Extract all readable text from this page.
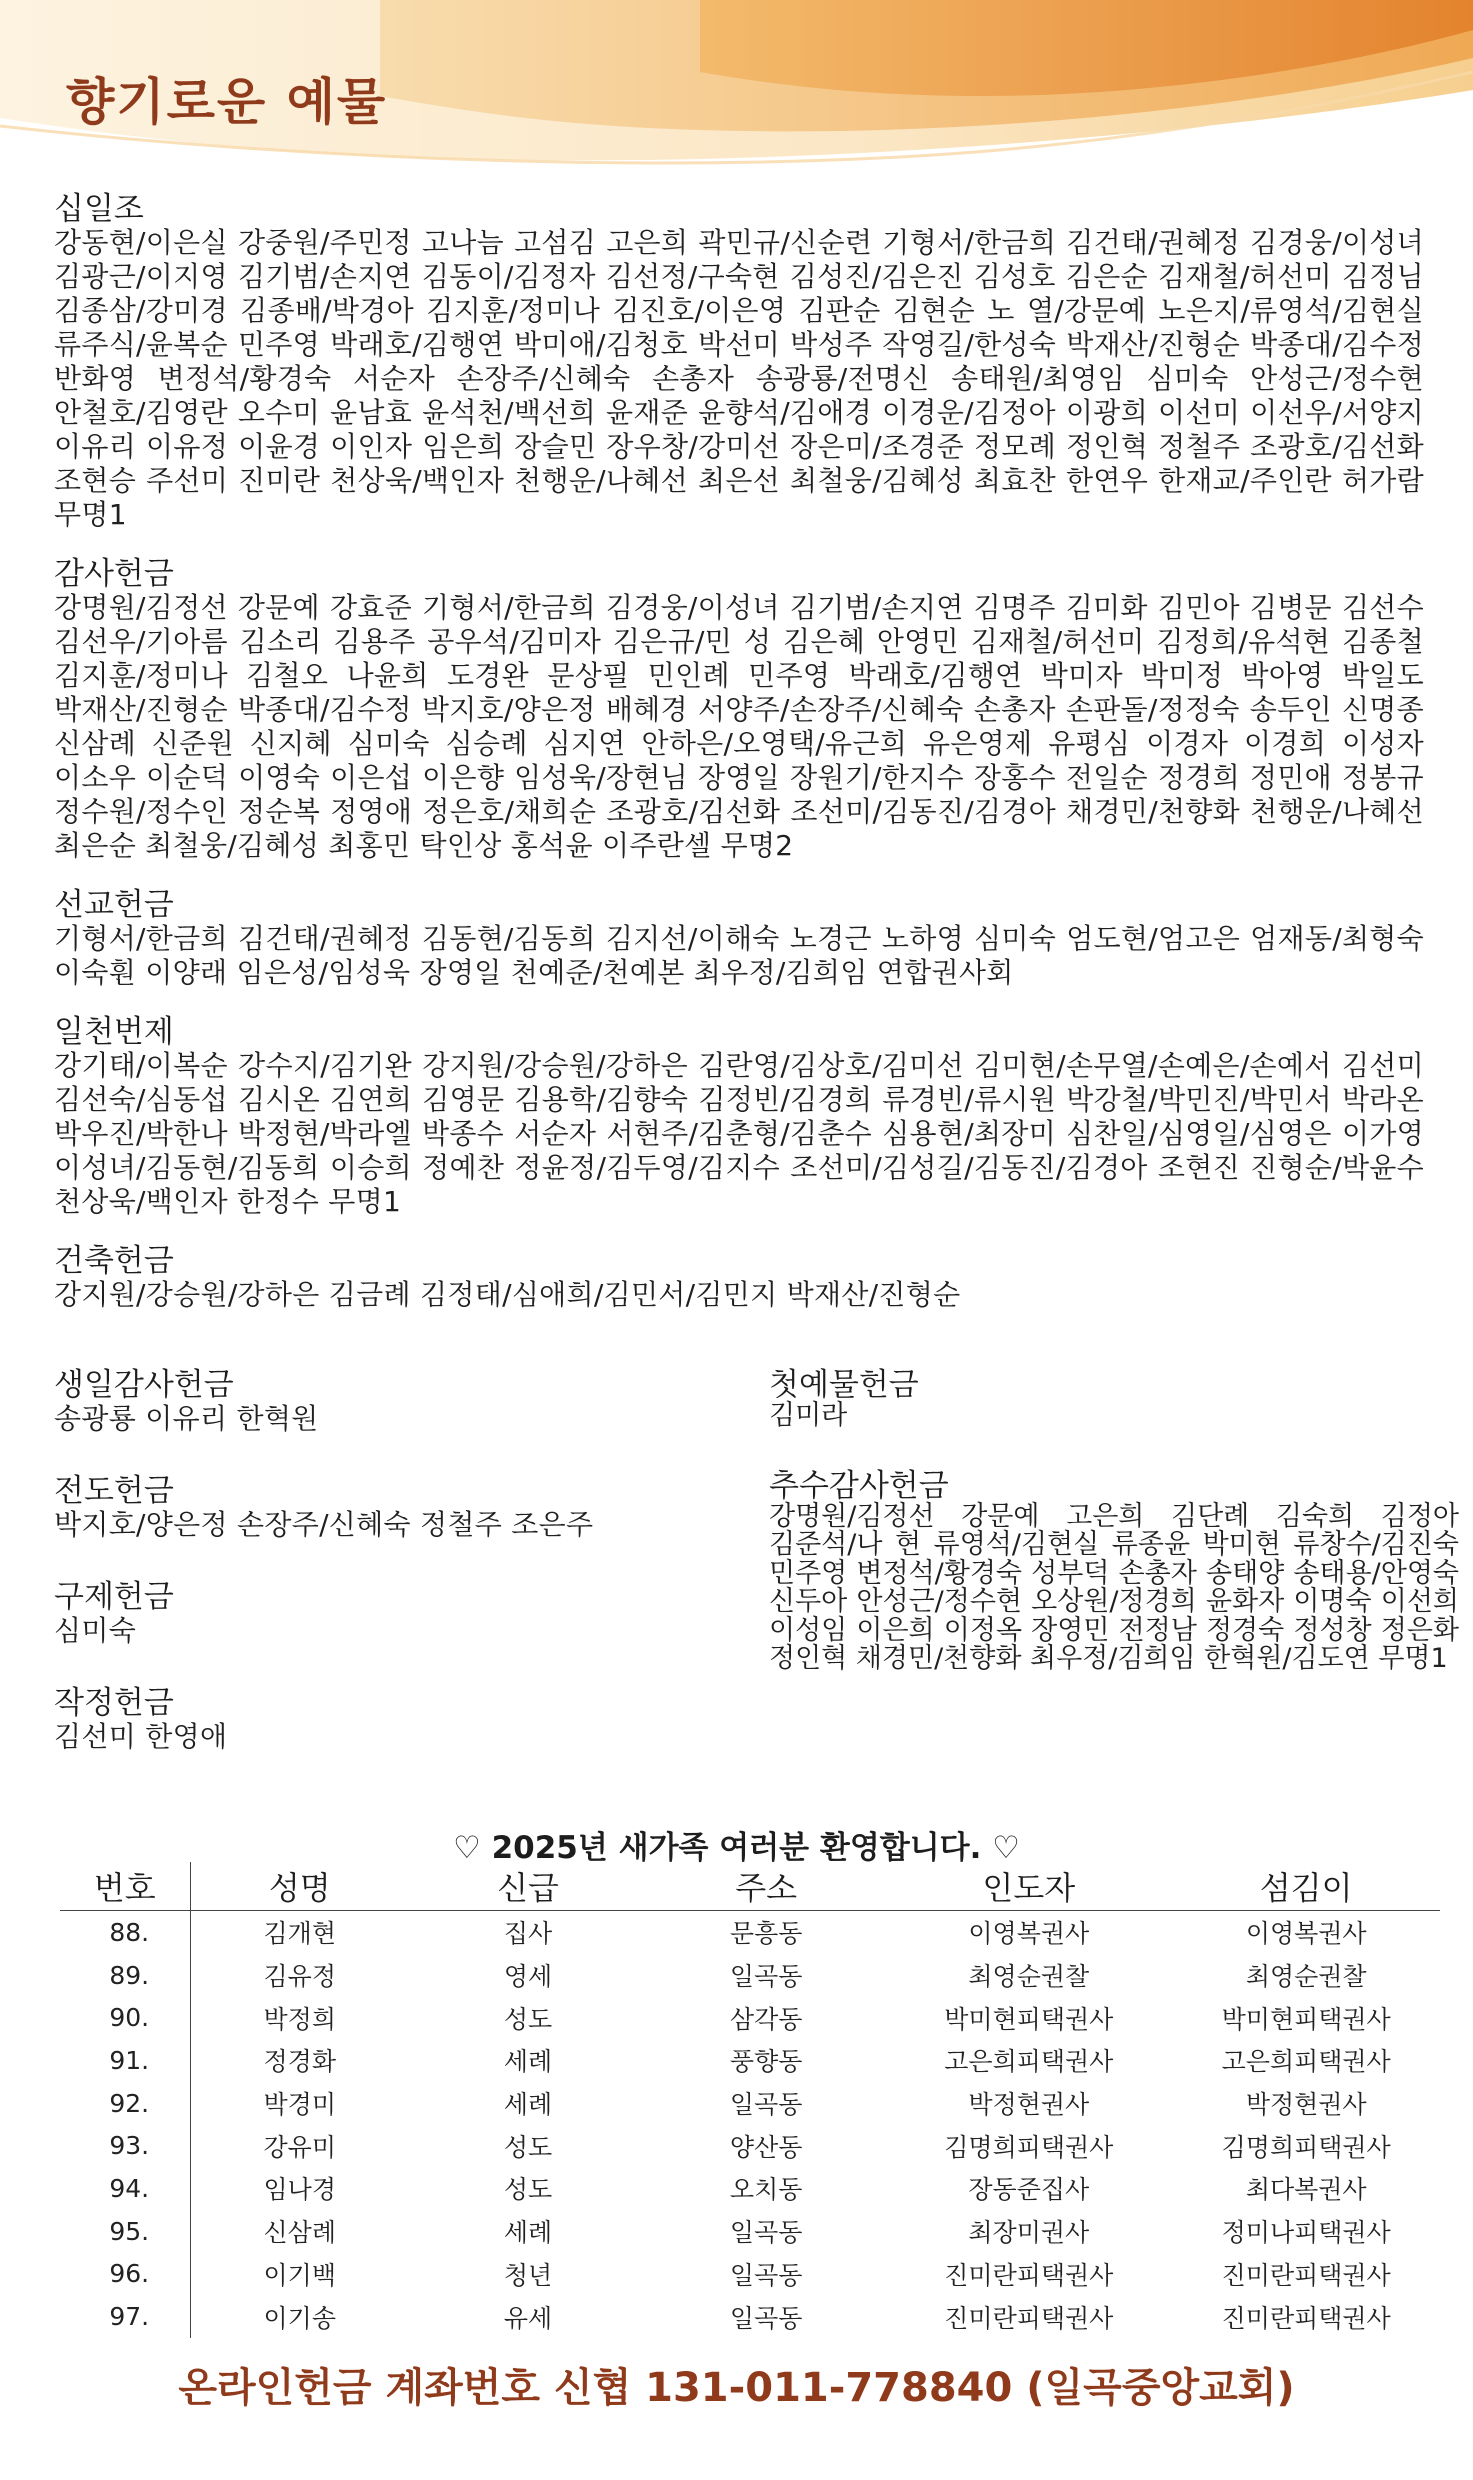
향기로운 예물
십일조
강동현/이은실 강중원/주민정 고나늠 고섬김 고은희 곽민규/신순련 기형서/한금희 김건태/권혜정 김경웅/이성녀 김광근/이지영 김기범/손지연 김동이/김정자 김선정/구숙현 김성진/김은진 김성호 김은순 김재철/허선미 김정님 김종삼/강미경 김종배/박경아 김지훈/정미나 김진호/이은영 김판순 김현순 노 열/강문예 노은지/류영석/김현실 류주식/윤복순 민주영 박래호/김행연 박미애/김청호 박선미 박성주 작영길/한성숙 박재산/진형순 박종대/김수정 반화영 변정석/황경숙 서순자 손장주/신혜숙 손총자 송광룡/전명신 송태원/최영임 심미숙 안성근/정수현 안철호/김영란 오수미 윤남효 윤석천/백선희 윤재준 윤향석/김애경 이경운/김정아 이광희 이선미 이선우/서양지 이유리 이유정 이윤경 이인자 임은희 장슬민 장우창/강미선 장은미/조경준 정모례 정인혁 정철주 조광호/김선화 조현승 주선미 진미란 천상욱/백인자 천행운/나혜선 최은선 최철웅/김혜성 최효찬 한연우 한재교/주인란 허가람 무명1
감사헌금
강명원/김정선 강문예 강효준 기형서/한금희 김경웅/이성녀 김기범/손지연 김명주 김미화 김민아 김병문 김선수 김선우/기아름 김소리 김용주 공우석/김미자 김은규/민 성 김은혜 안영민 김재철/허선미 김정희/유석현 김종철 김지훈/정미나 김철오 나윤희 도경완 문상필 민인례 민주영 박래호/김행연 박미자 박미정 박아영 박일도 박재산/진형순 박종대/김수정 박지호/양은정 배혜경 서양주/손장주/신혜숙 손총자 손판돌/정정숙 송두인 신명종 신삼례 신준원 신지혜 심미숙 심승례 심지연 안하은/오영택/유근희 유은영제 유평심 이경자 이경희 이성자 이소우 이순덕 이영숙 이은섭 이은향 임성욱/장현님 장영일 장원기/한지수 장홍수 전일순 정경희 정민애 정봉규 정수원/정수인 정순복 정영애 정은호/채희순 조광호/김선화 조선미/김동진/김경아 채경민/천향화 천행운/나혜선 최은순 최철웅/김혜성 최홍민 탁인상 홍석윤 이주란셀 무명2
선교헌금
기형서/한금희 김건태/권혜정 김동현/김동희 김지선/이해숙 노경근 노하영 심미숙 엄도현/엄고은 엄재동/최형숙 이숙훤 이양래 임은성/임성욱 장영일 천예준/천예본 최우정/김희임 연합권사회
일천번제
강기태/이복순 강수지/김기완 강지원/강승원/강하은 김란영/김상호/김미선 김미현/손무열/손예은/손예서 김선미 김선숙/심동섭 김시온 김연희 김영문 김용학/김향숙 김정빈/김경희 류경빈/류시원 박강철/박민진/박민서 박라온 박우진/박한나 박정현/박라엘 박종수 서순자 서현주/김춘형/김춘수 심용현/최장미 심찬일/심영일/심영은 이가영 이성녀/김동현/김동희 이승희 정예찬 정윤정/김두영/김지수 조선미/김성길/김동진/김경아 조현진 진형순/박윤수 천상욱/백인자 한정수 무명1
건축헌금
강지원/강승원/강하은 김금례 김정태/심애희/김민서/김민지 박재산/진형순
생일감사헌금
송광룡 이유리 한혁원
전도헌금
박지호/양은정 손장주/신혜숙 정철주 조은주
구제헌금
심미숙
작정헌금
김선미 한영애
첫예물헌금
김미라
추수감사헌금
강명원/김정선 강문예 고은희 김단례 김숙희 김정아 김준석/나 현 류영석/김현실 류종윤 박미현 류창수/김진숙 민주영 변정석/황경숙 성부덕 손총자 송태양 송태용/안영숙 신두아 안성근/정수현 오상원/정경희 윤화자 이명숙 이선희 이성임 이은희 이정옥 장영민 전정남 정경숙 정성창 정은화 정인혁 채경민/천향화 최우정/김희임 한혁원/김도연 무명1
♡ 2025년 새가족 여러분 환영합니다. ♡
번호	성명	신급	주소	인도자	섬김이
88.	김개현	집사	문흥동	이영복권사	이영복권사
89.	김유정	영세	일곡동	최영순권찰	최영순권찰
90.	박정희	성도	삼각동	박미현피택권사	박미현피택권사
91.	정경화	세례	풍향동	고은희피택권사	고은희피택권사
92.	박경미	세례	일곡동	박정현권사	박정현권사
93.	강유미	성도	양산동	김명희피택권사	김명희피택권사
94.	임나경	성도	오치동	장동준집사	최다복권사
95.	신삼례	세례	일곡동	최장미권사	정미나피택권사
96.	이기백	청년	일곡동	진미란피택권사	진미란피택권사
97.	이기송	유세	일곡동	진미란피택권사	진미란피택권사
온라인헌금 계좌번호 신협 131-011-778840 (일곡중앙교회)
